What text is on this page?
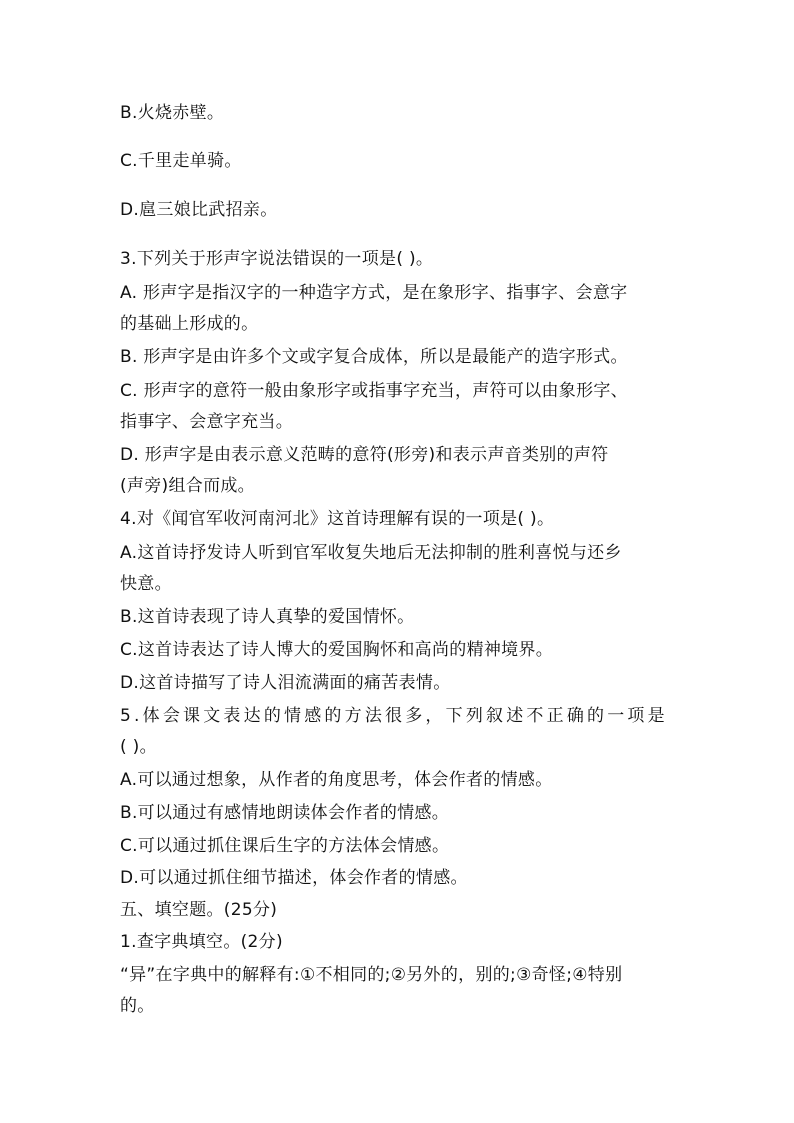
B.火烧赤壁。
C.千里走单骑。
D.扈三娘比武招亲。
3.下列关于形声字说法错误的一项是( )。
A. 形声字是指汉字的一种造字方式，是在象形字、指事字、会意字
的基础上形成的。
B. 形声字是由许多个文或字复合成体，所以是最能产的造字形式。
C. 形声字的意符一般由象形字或指事字充当，声符可以由象形字、
指事字、会意字充当。
D. 形声字是由表示意义范畴的意符(形旁)和表示声音类别的声符
(声旁)组合而成。
4.对《闻官军收河南河北》这首诗理解有误的一项是( )。
A.这首诗抒发诗人听到官军收复失地后无法抑制的胜利喜悦与还乡
快意。
B.这首诗表现了诗人真挚的爱国情怀。
C.这首诗表达了诗人博大的爱国胸怀和高尚的精神境界。
D.这首诗描写了诗人泪流满面的痛苦表情。
5.体会课文表达的情感的方法很多，下列叙述不正确的一项是
( )。
A.可以通过想象，从作者的角度思考，体会作者的情感。
B.可以通过有感情地朗读体会作者的情感。
C.可以通过抓住课后生字的方法体会情感。
D.可以通过抓住细节描述，体会作者的情感。
五、填空题。(25分)
1.查字典填空。(2分)
“异”在字典中的解释有:①不相同的;②另外的，别的;③奇怪;④特别
的。
